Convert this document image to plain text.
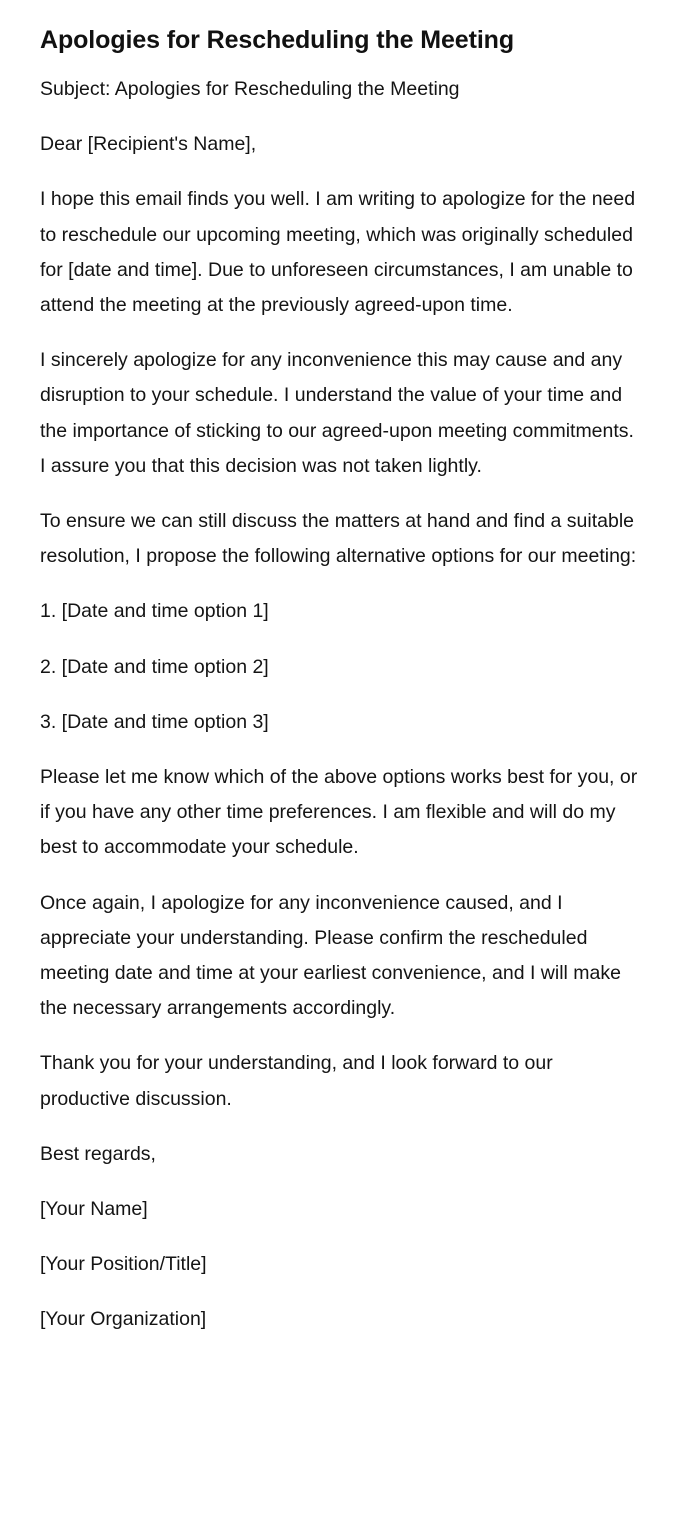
Apologies for Rescheduling the Meeting

Subject: Apologies for Rescheduling the Meeting

Dear [Recipient's Name],

I hope this email finds you well. I am writing to apologize for the need to reschedule our upcoming meeting, which was originally scheduled for [date and time]. Due to unforeseen circumstances, I am unable to attend the meeting at the previously agreed-upon time.

I sincerely apologize for any inconvenience this may cause and any disruption to your schedule. I understand the value of your time and the importance of sticking to our agreed-upon meeting commitments. I assure you that this decision was not taken lightly.

To ensure we can still discuss the matters at hand and find a suitable resolution, I propose the following alternative options for our meeting:

1. [Date and time option 1]

2. [Date and time option 2]

3. [Date and time option 3]

Please let me know which of the above options works best for you, or if you have any other time preferences. I am flexible and will do my best to accommodate your schedule.

Once again, I apologize for any inconvenience caused, and I appreciate your understanding. Please confirm the rescheduled meeting date and time at your earliest convenience, and I will make the necessary arrangements accordingly.

Thank you for your understanding, and I look forward to our productive discussion.

Best regards,

[Your Name]

[Your Position/Title]

[Your Organization]
